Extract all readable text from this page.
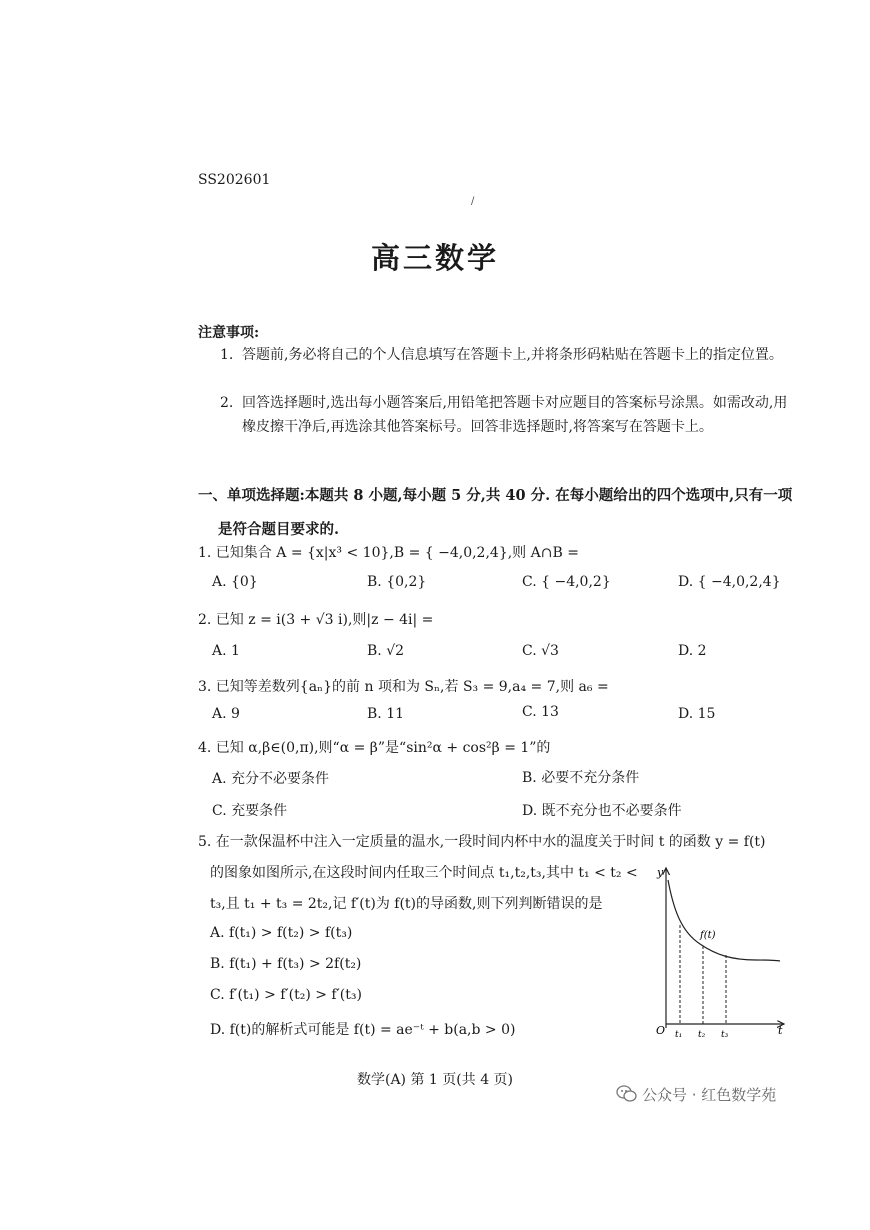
SS202601
/
高三数学
注意事项:
1. 答题前,务必将自己的个人信息填写在答题卡上,并将条形码粘贴在答题卡上的指定位置。
2. 回答选择题时,选出每小题答案后,用铅笔把答题卡对应题目的答案标号涂黑。如需改动,用橡皮擦干净后,再选涂其他答案标号。回答非选择题时,将答案写在答题卡上。
一、单项选择题:本题共 8 小题,每小题 5 分,共 40 分. 在每小题给出的四个选项中,只有一项
是符合题目要求的.
1. 已知集合 A = {x|x³ < 10},B = { −4,0,2,4},则 A∩B =
A. {0}	B. {0,2}	C. { −4,0,2}	D. { −4,0,2,4}
2. 已知 z = i(3 + √3 i),则|z − 4i| =
A. 1	B. √2	C. √3	D. 2
3. 已知等差数列{aₙ}的前 n 项和为 Sₙ,若 S₃ = 9,a₄ = 7,则 a₆ =
A. 9	B. 11	C. 13	D. 15
4. 已知 α,β∈(0,π),则“α = β”是“sin²α + cos²β = 1”的
A. 充分不必要条件	B. 必要不充分条件
C. 充要条件	D. 既不充分也不必要条件
5. 在一款保温杯中注入一定质量的温水,一段时间内杯中水的温度关于时间 t 的函数 y = f(t)
的图象如图所示,在这段时间内任取三个时间点 t₁,t₂,t₃,其中 t₁ < t₂ <
t₃,且 t₁ + t₃ = 2t₂,记 f′(t)为 f(t)的导函数,则下列判断错误的是
A. f(t₁) > f(t₂) > f(t₃)
B. f(t₁) + f(t₃) > 2f(t₂)
C. f′(t₁) > f′(t₂) > f′(t₃)
D. f(t)的解析式可能是 f(t) = ae⁻ᵗ + b(a,b > 0)
y
t
O
f(t)
t₁ t₂ t₃
数学(A) 第 1 页(共 4 页)
公众号 · 红色数学苑
